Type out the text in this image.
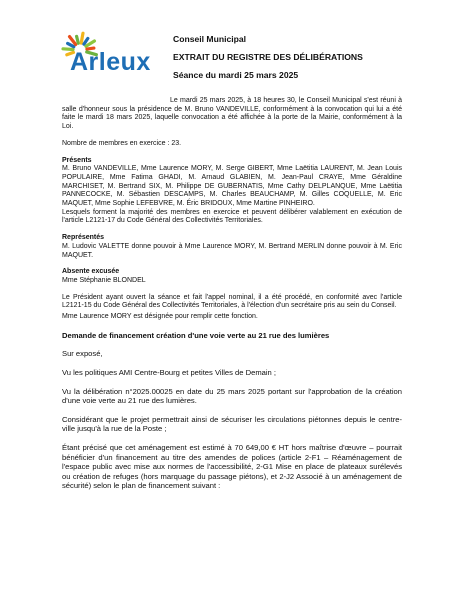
Arleux
Conseil Municipal
EXTRAIT DU REGISTRE DES DÉLIBÉRATIONS
Séance du mardi 25 mars 2025

Le mardi 25 mars 2025, à 18 heures 30, le Conseil Municipal s'est réuni à salle d'honneur sous la présidence de M. Bruno VANDEVILLE, conformément à la convocation qui lui a été faite le mardi 18 mars 2025, laquelle convocation a été affichée à la porte de la Mairie, conformément à la Loi.

Nombre de membres en exercice : 23.

Présents

M. Bruno VANDEVILLE, Mme Laurence MORY, M. Serge GIBERT, Mme Laëtitia LAURENT, M. Jean Louis POPULAIRE, Mme Fatima GHADI, M. Arnaud GLABIEN, M. Jean-Paul CRAYE, Mme Géraldine MARCHISET, M. Bertrand SIX, M. Philippe DE GUBERNATIS, Mme Cathy DELPLANQUE, Mme Laëtitia PANNECOCKE, M. Sébastien DESCAMPS, M. Charles BEAUCHAMP, M. Gilles COQUELLE, M. Eric MAQUET, Mme Sophie LEFEBVRE, M. Éric BRIDOUX, Mme Martine PINHEIRO.

Lesquels forment la majorité des membres en exercice et peuvent délibérer valablement en exécution de l'article L2121-17 du Code Général des Collectivités Territoriales.

Représentés

M. Ludovic VALETTE donne pouvoir à Mme Laurence MORY, M. Bertrand MERLIN donne pouvoir à M. Eric MAQUET.

Absente excusée

Mme Stéphanie BLONDEL

Le Président ayant ouvert la séance et fait l'appel nominal, il a été procédé, en conformité avec l'article L2121-15 du Code Général des Collectivités Territoriales, à l'élection d'un secrétaire pris au sein du Conseil.

Mme Laurence MORY est désignée pour remplir cette fonction.

Demande de financement création d'une voie verte au 21 rue des lumières

Sur exposé,

Vu les politiques AMI Centre-Bourg et petites Villes de Demain ;

Vu la délibération n°2025.00025 en date du 25 mars 2025 portant sur l'approbation de la création d'une voie verte au 21 rue des lumières.

Considérant que le projet permettrait ainsi de sécuriser les circulations piétonnes depuis le centre-ville jusqu'à la rue de la Poste ;

Étant précisé que cet aménagement est estimé à 70 649,00 € HT hors maîtrise d'œuvre – pourrait bénéficier d'un financement au titre des amendes de polices (article 2-F1 – Réaménagement de l'espace public avec mise aux normes de l'accessibilité, 2-G1 Mise en place de plateaux surélevés ou création de refuges (hors marquage du passage piétons), et 2-J2 Associé à un aménagement de sécurité) selon le plan de financement suivant :
